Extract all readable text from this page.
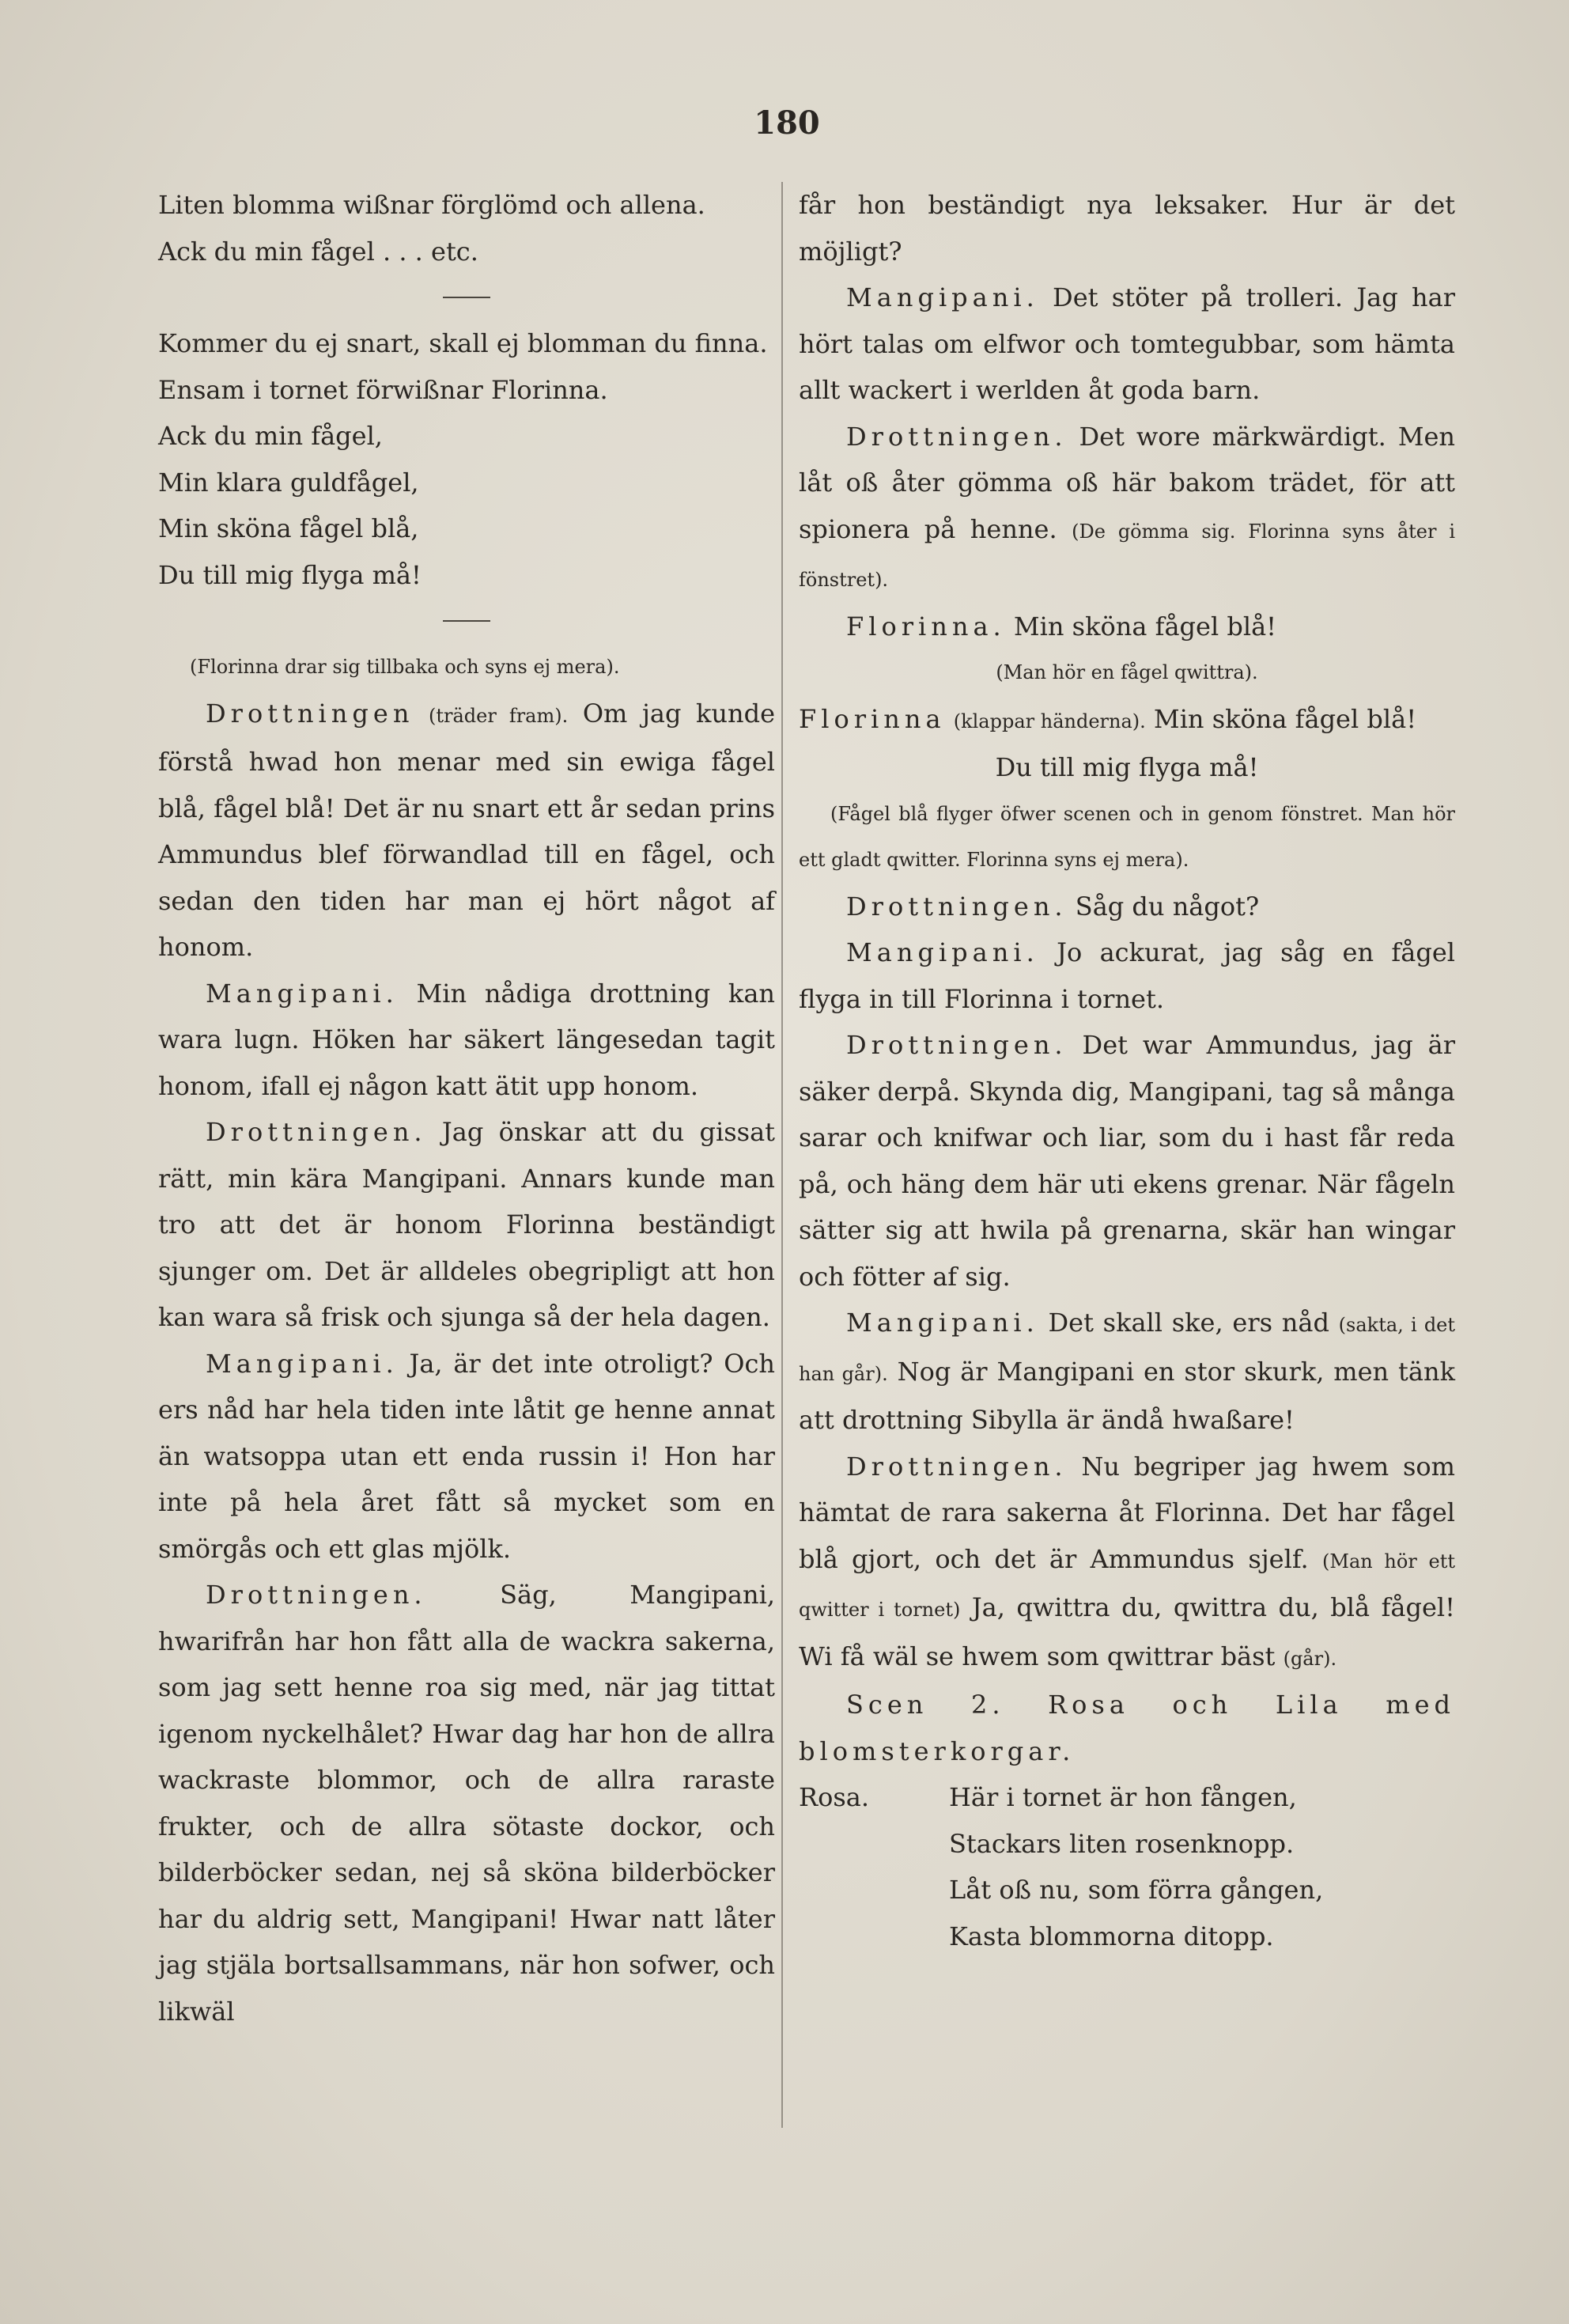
180

Liten blomma wißnar förglömd och allena.

Ack du min fågel . . . etc.

Kommer du ej snart, skall ej blomman du finna.

Ensam i tornet förwißnar Florinna.

Ack du min fågel,

Min klara guldfågel,

Min sköna fågel blå,

Du till mig flyga må!

(Florinna drar sig tillbaka och syns ej mera).

Drottningen (träder fram). Om jag kunde förstå hwad hon menar med sin ewiga fågel blå, fågel blå! Det är nu snart ett år sedan prins Ammundus blef förwandlad till en fågel, och sedan den tiden har man ej hört något af honom.

Mangipani. Min nådiga drottning kan wara lugn. Höken har säkert längesedan tagit honom, ifall ej någon katt ätit upp honom.

Drottningen. Jag önskar att du gissat rätt, min kära Mangipani. Annars kunde man tro att det är honom Florinna beständigt sjunger om. Det är alldeles obegripligt att hon kan wara så frisk och sjunga så der hela dagen.

Mangipani. Ja, är det inte otroligt? Och ers nåd har hela tiden inte låtit ge henne annat än watsoppa utan ett enda russin i! Hon har inte på hela året fått så mycket som en smörgås och ett glas mjölk.

Drottningen.	Säg, Mangipani, hwarifrån har hon fått alla de wackra sakerna, som jag sett henne roa sig med, när jag tittat igenom nyckelhålet? Hwar dag har hon de allra wackraste blommor, och de allra raraste frukter, och de allra sötaste dockor, och bilderböcker sedan, nej så sköna bilderböcker har du aldrig sett, Mangipani! Hwar natt låter jag stjäla bortsallsammans, när hon sofwer, och likwäl

får hon beständigt nya leksaker. Hur är det möjligt?

Mangipani. Det stöter på trolleri. Jag har hört talas om elfwor och tomtegubbar, som hämta allt wackert i werlden åt goda barn.

Drottningen. Det wore märkwärdigt. Men låt oß åter gömma oß här bakom trädet, för att spionera på henne. (De gömma sig. Florinna syns åter i fönstret).

Florinna. Min sköna fågel blå!

(Man hör en fågel qwittra).

Florinna (klappar händerna). Min sköna fågel blå!

Du till mig flyga må!

(Fågel blå flyger öfwer scenen och in genom fönstret. Man hör ett gladt qwitter. Florinna syns ej mera).

Drottningen. Såg du något?

Mangipani. Jo ackurat, jag såg en fågel flyga in till Florinna i tornet.

Drottningen. Det war Ammundus, jag är säker derpå. Skynda dig, Mangipani, tag så många sarar och knifwar och liar, som du i hast får reda på, och häng dem här uti ekens grenar. När fågeln sätter sig att hwila på grenarna, skär han wingar och fötter af sig.

Mangipani. Det skall ske, ers nåd (sakta, i det han går). Nog är Mangipani en stor skurk, men tänk att drottning Sibylla är ändå hwaßare!

Drottningen. Nu begriper jag hwem som hämtat de rara sakerna åt Florinna. Det har fågel blå gjort, och det är Ammundus sjelf. (Man hör ett qwitter i tornet) Ja, qwittra du, qwittra du, blå fågel! Wi få wäl se hwem som qwittrar bäst (går).

Scen 2. Rosa och Lila med blomsterkorgar.

Rosa.	Här i tornet är hon fången,

Stackars liten rosenknopp.

Låt oß nu, som förra gången,

Kasta blommorna ditopp.
